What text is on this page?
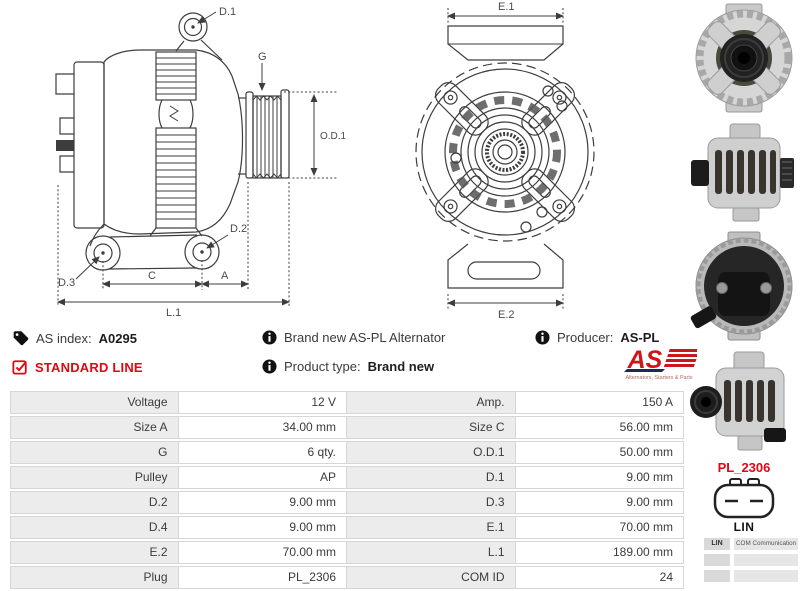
D.1
G
O.D.1
D.3
D.2
C	A
L.1
E.1
E.2
PL_2306
LIN
LIN	COM Communication
AS index: A0295
STANDARD LINE
Brand new AS-PL Alternator
Product type: Brand new
Producer: AS-PL
AS
Alternators, Starters & Parts
Voltage	12 V	Amp.	150 A
Size A	34.00 mm	Size C	56.00 mm
G	6 qty.	O.D.1	50.00 mm
Pulley	AP	D.1	9.00 mm
D.2	9.00 mm	D.3	9.00 mm
D.4	9.00 mm	E.1	70.00 mm
E.2	70.00 mm	L.1	189.00 mm
Plug	PL_2306	COM ID	24
